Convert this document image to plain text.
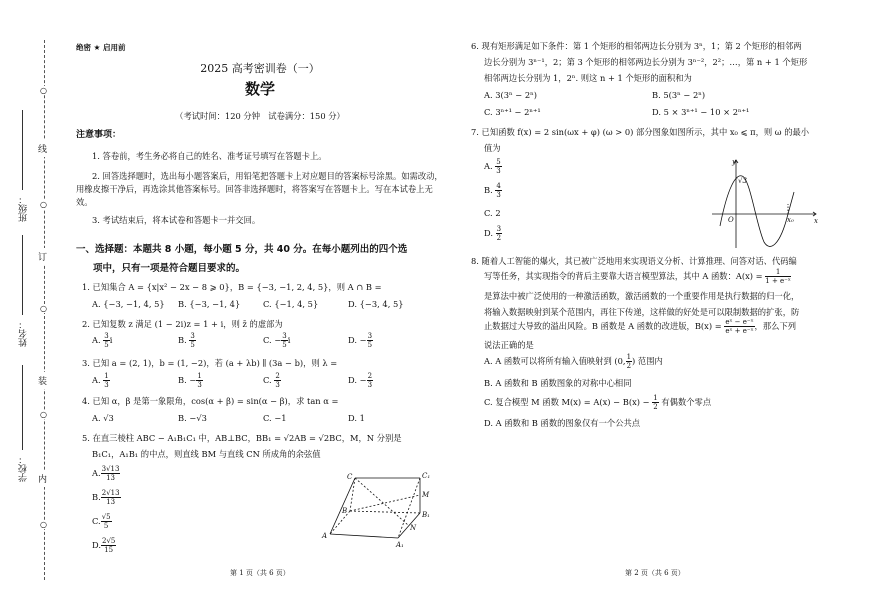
○
线
○
订
○
装
○
内
○
班级：
姓名：
学校：
绝密 ★ 启用前
2025 高考密训卷（一）
数学
（考试时间：120 分钟　试卷满分：150 分）
注意事项：
1. 答卷前，考生务必将自己的姓名、准考证号填写在答题卡上。
2. 回答选择题时，选出每小题答案后，用铅笔把答题卡上对应题目的答案标号涂黑。如需改动，用橡皮擦干净后，再选涂其他答案标号。回答非选择题时，将答案写在答题卡上。写在本试卷上无效。
3. 考试结束后，将本试卷和答题卡一并交回。
一、选择题：本题共 8 小题，每小题 5 分，共 40 分。在每小题列出的四个选
项中，只有一项是符合题目要求的。
1. 已知集合 A = {x|x² − 2x − 8 ⩾ 0}，B = {−3, −1, 2, 4, 5}，则 A ∩ B =
A. {−3, −1, 4, 5} B. {−3, −1, 4}	C. {−1, 4, 5}	D. {−3, 4, 5}
2. 已知复数 z 满足 (1 − 2i)z = 1 + i，则 z̄ 的虚部为
A. $\frac{3}{5}$ i	B. $\frac{3}{5}$	C. − $\frac{3}{5}$ i	D. − $\frac{3}{5}$
3. 已知 a = (2, 1)，b = (1, −2)，若 (a + λb) ∥ (3a − b)，则 λ =
A. $\frac{1}{3}$	B. − $\frac{1}{3}$	C. $\frac{2}{3}$	D. − $\frac{2}{3}$
4. 已知 α，β 是第一象限角，cos(α + β) = sin(α − β)，求 tan α =
A. √3	B. −√3	C. −1	D. 1
5. 在直三棱柱 ABC − A₁B₁C₁ 中，AB⊥BC，BB₁ = √2AB = √2BC，M，N 分别是
B₁C₁，A₁B₁ 的中点，则直线 BM 与直线 CN 所成角的余弦值
A. $\frac{3√13}{13}$
B. $\frac{2√13}{13}$
C. $\frac{√5}{5}$
D. $\frac{2√5}{15}$
C	C₁
M
B	B₁
N
A
A₁
第 1 页（共 6 页）
6. 现有矩形满足如下条件：第 1 个矩形的相邻两边长分别为 3ⁿ，1；第 2 个矩形的相邻两
边长分别为 3ⁿ⁻¹，2；第 3 个矩形的相邻两边长分别为 3ⁿ⁻²，2²；…，第 n + 1 个矩形
相邻两边长分别为 1，2ⁿ. 则这 n + 1 个矩形的面积和为
A. 3(3ⁿ − 2ⁿ)	B. 5(3ⁿ − 2ⁿ)
C. 3ⁿ⁺¹ − 2ⁿ⁺¹	D. 5 × 3ⁿ⁺¹ − 10 × 2ⁿ⁺¹
7. 已知函数 f(x) = 2 sin(ωx + φ) (ω > 0) 部分图象如图所示，其中 x₀ ⩽ π，则 ω 的最小
值为
A. $\frac{5}{3}$
B. $\frac{4}{3}$
C. 2
D. $\frac{3}{2}$
y
x
O
√3
x₀
8. 随着人工智能的爆火，其已被广泛地用来实现语义分析、计算推理、问答对话、代码编
写等任务，其实现指令的背后主要靠大语言模型算法，其中 A 函数：$A(x) = \frac{1}{\text{1 + e⁻ˣ}}$
是算法中被广泛使用的一种激活函数，激活函数的一个重要作用是执行数据的归一化，
将输入数据映射到某个范围内，再往下传递，这样做的好处是可以限制数据的扩张，防
止数据过大导致的溢出风险。B 函数是 A 函数的改进版，$B(x) = \frac{\text{eˣ − e⁻ˣ}}{\text{eˣ + e⁻ˣ}}$ ，那么下列
说法正确的是
A. A 函数可以将所有输入值映射到 (0, $\frac{1}{2}$ ) 范围内
B. A 函数和 B 函数图象的对称中心相同
C. 复合模型 M 函数 $M(x) = A(x) - B(x) - \frac{1}{2}$ 有偶数个零点
D. A 函数和 B 函数的图象仅有一个公共点
第 2 页（共 6 页）
